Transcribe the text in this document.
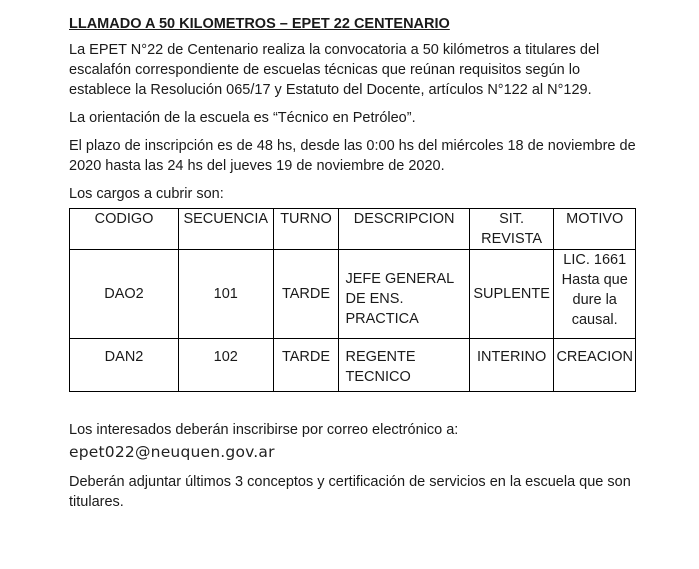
LLAMADO A 50 KILOMETROS – EPET 22 CENTENARIO

La EPET N°22 de Centenario realiza la convocatoria a 50 kilómetros a titulares del escalafón correspondiente de escuelas técnicas que reúnan requisitos según lo establece la Resolución 065/17 y Estatuto del Docente, artículos N°122 al N°129.

La orientación de la escuela es “Técnico en Petróleo”.

El plazo de inscripción es de 48 hs, desde las 0:00 hs del miércoles 18 de noviembre de 2020 hasta las 24 hs del jueves 19 de noviembre de 2020.

Los cargos a cubrir son:

CODIGO	SECUENCIA	TURNO	DESCRIPCION	SIT. REVISTA	MOTIVO
DAO2	101	TARDE	JEFE GENERAL DE ENS. PRACTICA	SUPLENTE	LIC. 1661 Hasta que dure la causal.
DAN2	102	TARDE	REGENTE TECNICO	INTERINO	CREACION

Los interesados deberán inscribirse por correo electrónico a:

epet022@neuquen.gov.ar

Deberán adjuntar últimos 3 conceptos y certificación de servicios en la escuela que son titulares.
